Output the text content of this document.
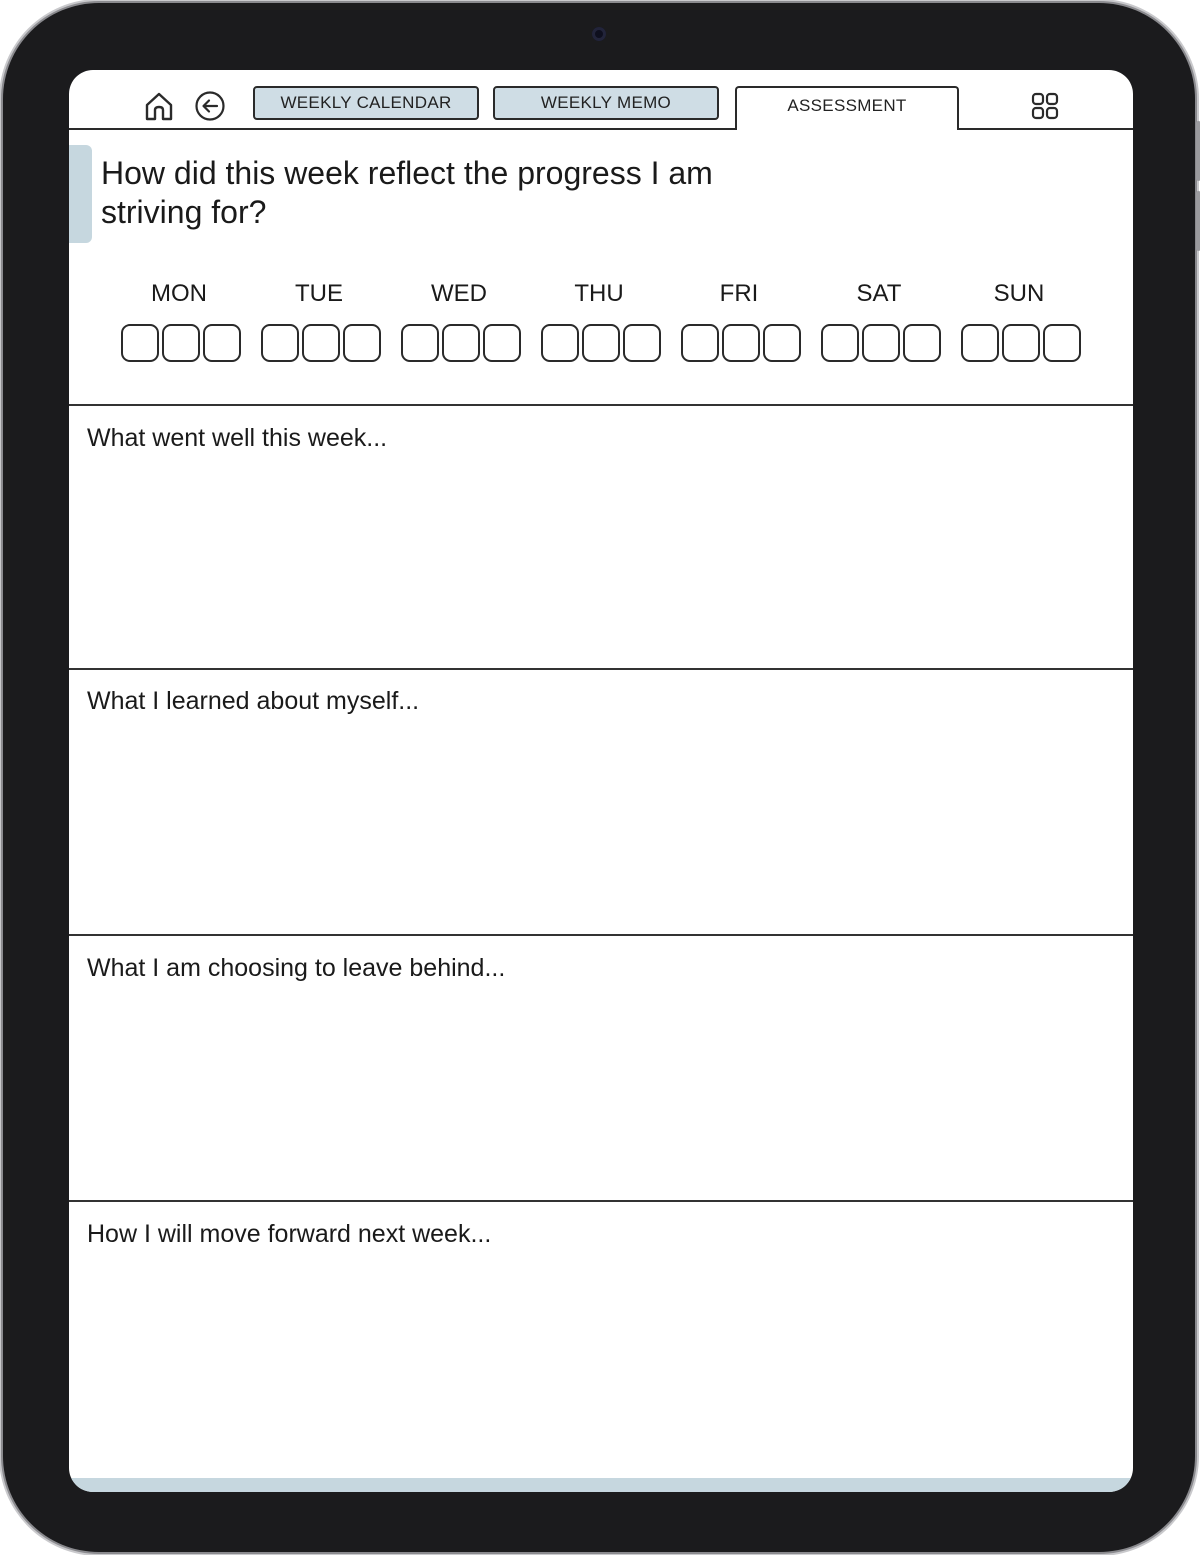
WEEKLY CALENDAR	WEEKLY MEMO	ASSESSMENT
How did this week reflect the progress I am striving for?
MON	TUE	WED	THU	FRI	SAT	SUN
What went well this week...
What I learned about myself...
What I am choosing to leave behind...
How I will move forward next week...
